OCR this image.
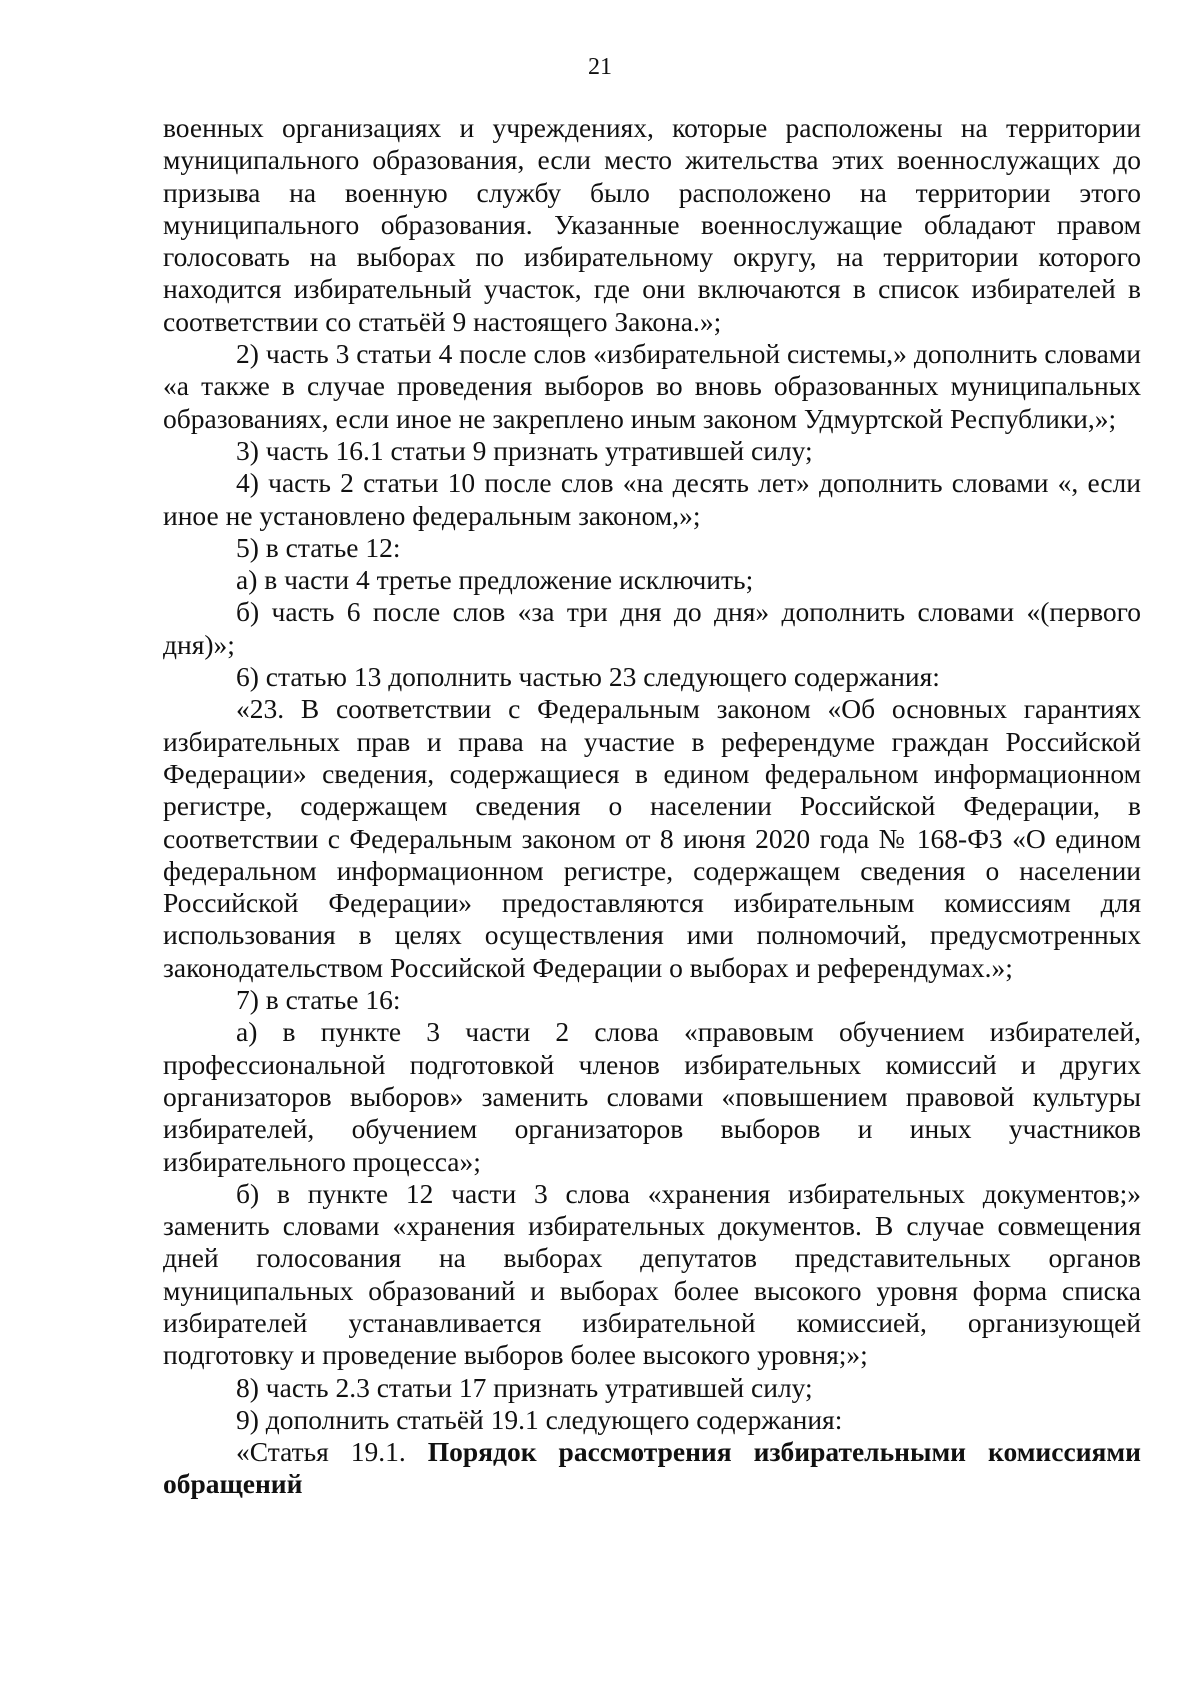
21

военных организациях и учреждениях, которые расположены на территории муниципального образования, если место жительства этих военнослужащих до призыва на военную службу было расположено на территории этого муниципального образования. Указанные военнослужащие обладают правом голосовать на выборах по избирательному округу, на территории которого находится избирательный участок, где они включаются в список избирателей в соответствии со статьёй 9 настоящего Закона.»;

2) часть 3 статьи 4 после слов «избирательной системы,» дополнить словами «а также в случае проведения выборов во вновь образованных муниципальных образованиях, если иное не закреплено иным законом Удмуртской Республики,»;

3) часть 16.1 статьи 9 признать утратившей силу;

4) часть 2 статьи 10 после слов «на десять лет» дополнить словами «, если иное не установлено федеральным законом,»;

5) в статье 12:

а) в части 4 третье предложение исключить;

б) часть 6 после слов «за три дня до дня» дополнить словами «(первого дня)»;

6) статью 13 дополнить частью 23 следующего содержания:

«23. В соответствии с Федеральным законом «Об основных гарантиях избирательных прав и права на участие в референдуме граждан Российской Федерации» сведения, содержащиеся в едином федеральном информационном регистре, содержащем сведения о населении Российской Федерации, в соответствии с Федеральным законом от 8 июня 2020 года № 168-ФЗ «О едином федеральном информационном регистре, содержащем сведения о населении Российской Федерации» предоставляются избирательным комиссиям для использования в целях осуществления ими полномочий, предусмотренных законодательством Российской Федерации о выборах и референдумах.»;

7) в статье 16:

а) в пункте 3 части 2 слова «правовым обучением избирателей, профессиональной подготовкой членов избирательных комиссий и других организаторов выборов» заменить словами «повышением правовой культуры избирателей, обучением организаторов выборов и иных участников избирательного процесса»;

б) в пункте 12 части 3 слова «хранения избирательных документов;» заменить словами «хранения избирательных документов. В случае совмещения дней голосования на выборах депутатов представительных органов муниципальных образований и выборах более высокого уровня форма списка избирателей устанавливается избирательной комиссией, организующей подготовку и проведение выборов более высокого уровня;»;

8) часть 2.3 статьи 17 признать утратившей силу;

9) дополнить статьёй 19.1 следующего содержания:

«Статья 19.1. Порядок рассмотрения избирательными комиссиями обращений
